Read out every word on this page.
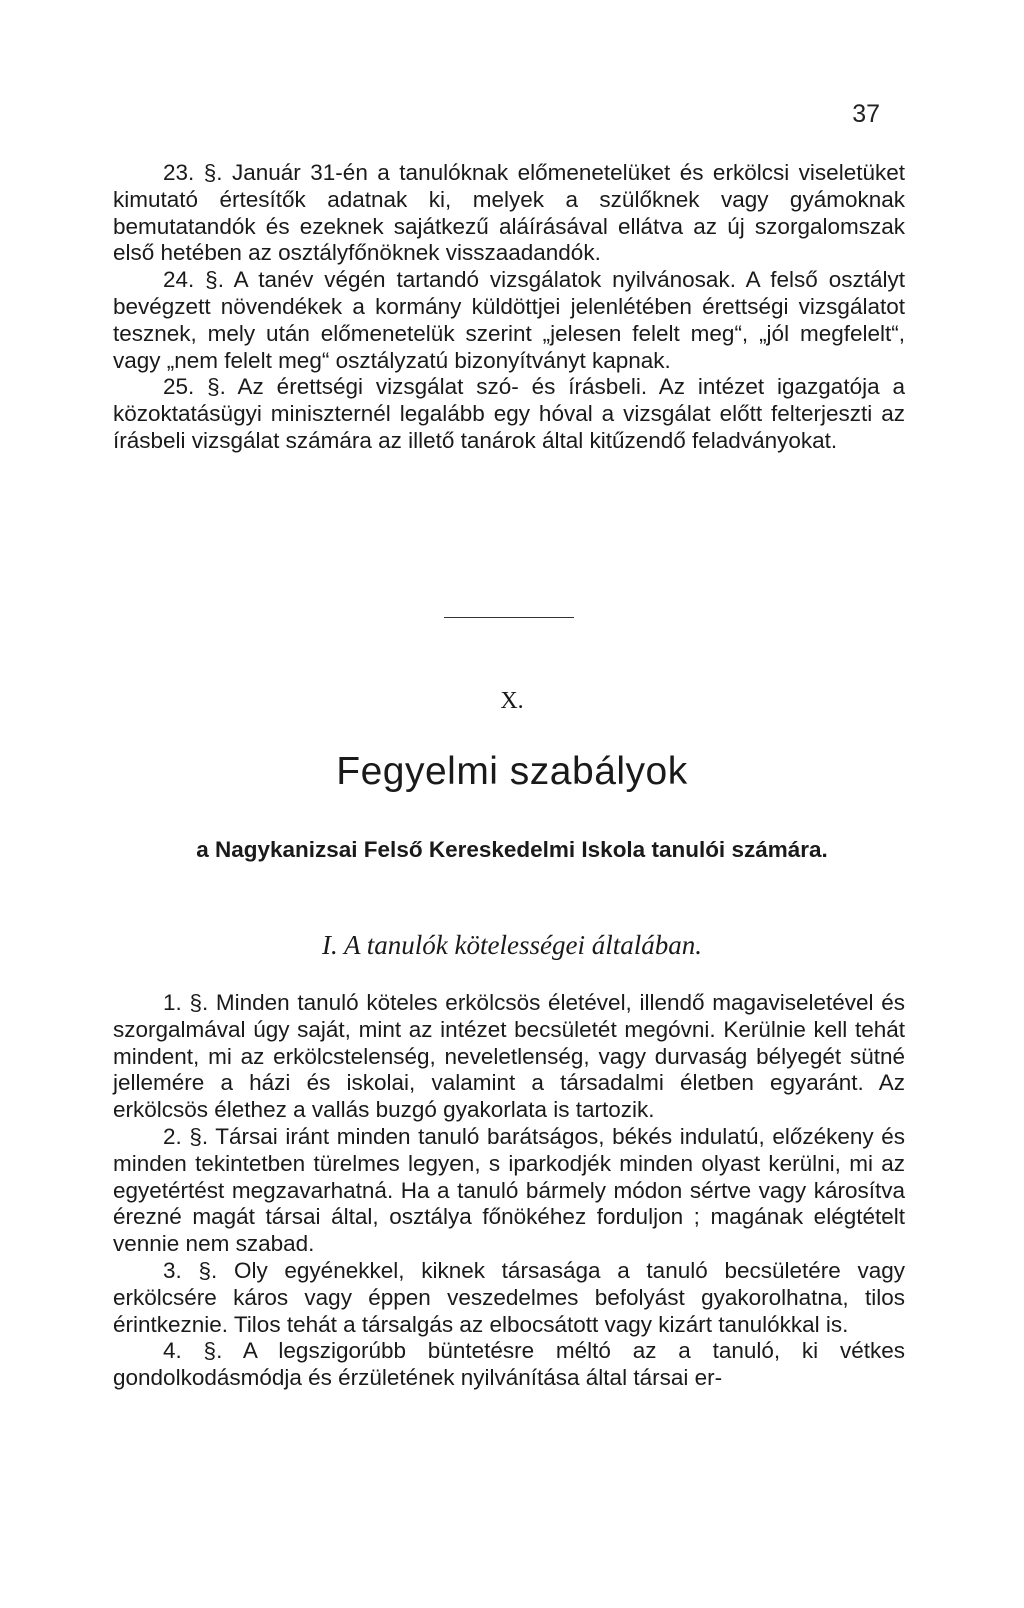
37

23. §. Január 31-én a tanulóknak előmenetelüket és erkölcsi viseletüket kimutató értesítők adatnak ki, melyek a szülőknek vagy gyámoknak bemutatandók és ezeknek sajátkezű aláírásával ellátva az új szorgalomszak első hetében az osztályfőnöknek visszaadandók.

24. §. A tanév végén tartandó vizsgálatok nyilvánosak. A felső osztályt bevégzett növendékek a kormány küldöttjei jelenlétében érettségi vizsgálatot tesznek, mely után előmenetelük szerint „jelesen felelt meg“, „jól megfelelt“, vagy „nem felelt meg“ osztályzatú bizonyítványt kapnak.

25. §. Az érettségi vizsgálat szó- és írásbeli. Az intézet igazgatója a közoktatásügyi miniszternél legalább egy hóval a vizsgálat előtt felterjeszti az írásbeli vizsgálat számára az illető tanárok által kitűzendő feladványokat.

X.
Fegyelmi szabályok
a Nagykanizsai Felső Kereskedelmi Iskola tanulói számára.
I. A tanulók kötelességei általában.

1. §. Minden tanuló köteles erkölcsös életével, illendő magaviseletével és szorgalmával úgy saját, mint az intézet becsületét megóvni. Kerülnie kell tehát mindent, mi az erkölcstelenség, neveletlenség, vagy durvaság bélyegét sütné jellemére a házi és iskolai, valamint a társadalmi életben egyaránt. Az erkölcsös élethez a vallás buzgó gyakorlata is tartozik.

2. §. Társai iránt minden tanuló barátságos, békés indulatú, előzékeny és minden tekintetben türelmes legyen, s iparkodjék minden olyast kerülni, mi az egyetértést megzavarhatná. Ha a tanuló bármely módon sértve vagy károsítva érezné magát társai által, osztálya főnökéhez forduljon ; magának elégtételt vennie nem szabad.

3. §. Oly egyénekkel, kiknek társasága a tanuló becsületére vagy erkölcsére káros vagy éppen veszedelmes befolyást gyakorolhatna, tilos érintkeznie. Tilos tehát a társalgás az elbocsátott vagy kizárt tanulókkal is.

4. §. A legszigorúbb büntetésre méltó az a tanuló, ki vétkes gondolkodásmódja és érzületének nyilvánítása által társai er-
